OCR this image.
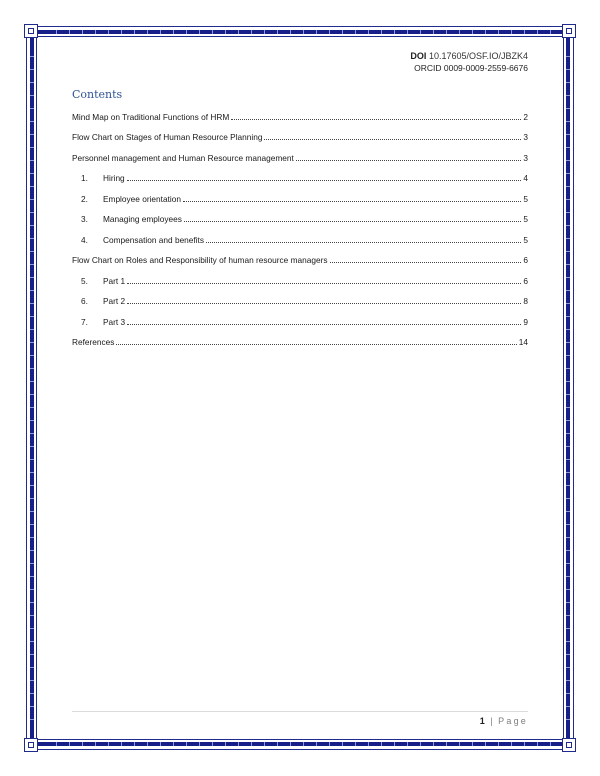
DOI 10.17605/OSF.IO/JBZK4
ORCID 0009-0009-2559-6676
Contents
Mind Map on Traditional Functions of HRM	2
Flow Chart on Stages of Human Resource Planning	3
Personnel management and Human Resource management	3
1.	Hiring	4
2.	Employee orientation	5
3.	Managing employees	5
4.	Compensation and benefits	5
Flow Chart on Roles and Responsibility of human resource managers	6
5.	Part 1	6
6.	Part 2	8
7.	Part 3	9
References	14
1 | Page
